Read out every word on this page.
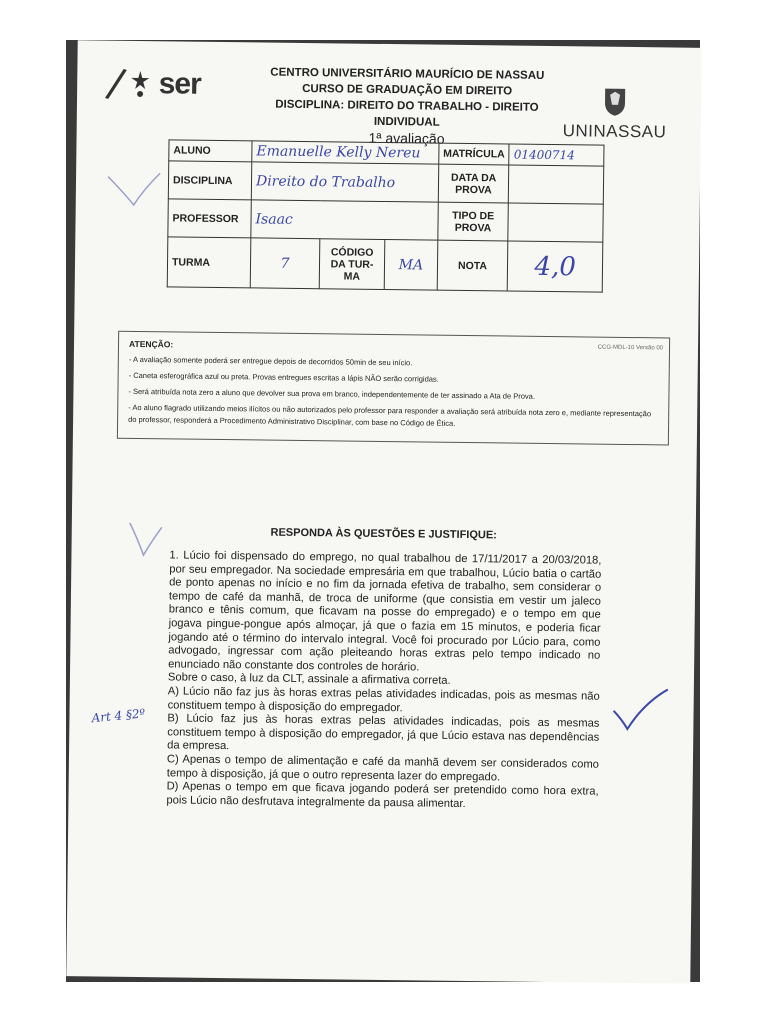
/ ser	CENTRO UNIVERSITÁRIO MAURÍCIO DE NASSAU
CURSO DE GRADUAÇÃO EM DIREITO
DISCIPLINA: DIREITO DO TRABALHO - DIREITO INDIVIDUAL
1ª avaliação	UNINASSAU
ALUNO	Emanuelle Kelly Nereu			MATRÍCULA	01400714
DISCIPLINA	Direito do Trabalho			DATA DA PROVA	
PROFESSOR	Isaac			TIPO DE PROVA	
TURMA	7	CÓDIGO DA TUR-MA	MA	NOTA	4,0
ATENÇÃO:	CCG-MDL-10 Versão 00

- A avaliação somente poderá ser entregue depois de decorridos 50min de seu início.

- Caneta esferográfica azul ou preta. Provas entregues escritas a lápis NÃO serão corrigidas.

- Será atribuída nota zero a aluno que devolver sua prova em branco, independentemente de ter assinado a Ata de Prova.

- Ao aluno flagrado utilizando meios ilícitos ou não autorizados pelo professor para responder a avaliação será atribuída nota zero e, mediante representação do professor, responderá a Procedimento Administrativo Disciplinar, com base no Código de Ética.

RESPONDA ÀS QUESTÕES E JUSTIFIQUE:

1. Lúcio foi dispensado do emprego, no qual trabalhou de 17/11/2017 a 20/03/2018, por seu empregador. Na sociedade empresária em que trabalhou, Lúcio batia o cartão de ponto apenas no início e no fim da jornada efetiva de trabalho, sem considerar o tempo de café da manhã, de troca de uniforme (que consistia em vestir um jaleco branco e tênis comum, que ficavam na posse do empregado) e o tempo em que jogava pingue-pongue após almoçar, já que o fazia em 15 minutos, e poderia ficar jogando até o término do intervalo integral. Você foi procurado por Lúcio para, como advogado, ingressar com ação pleiteando horas extras pelo tempo indicado no enunciado não constante dos controles de horário.

Sobre o caso, à luz da CLT, assinale a afirmativa correta.

A) Lúcio não faz jus às horas extras pelas atividades indicadas, pois as mesmas não constituem tempo à disposição do empregador.

B) Lúcio faz jus às horas extras pelas atividades indicadas, pois as mesmas constituem tempo à disposição do empregador, já que Lúcio estava nas dependências da empresa.

C) Apenas o tempo de alimentação e café da manhã devem ser considerados como tempo à disposição, já que o outro representa lazer do empregado.

D) Apenas o tempo em que ficava jogando poderá ser pretendido como hora extra, pois Lúcio não desfrutava integralmente da pausa alimentar.

Art 4 §2º
